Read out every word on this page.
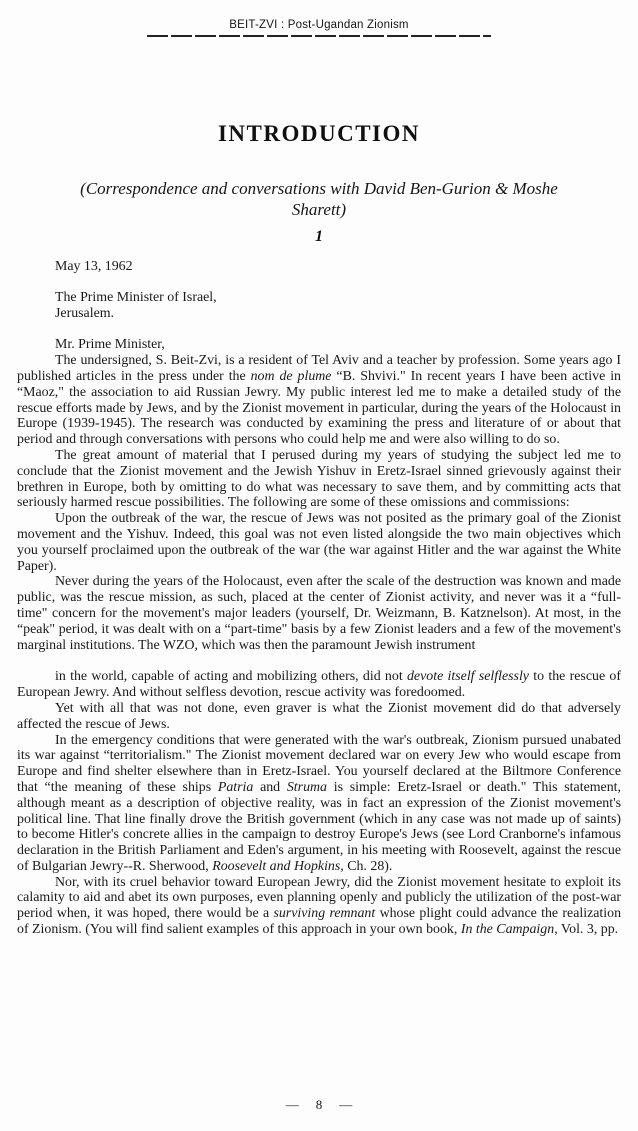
BEIT-ZVI : Post-Ugandan Zionism
INTRODUCTION
(Correspondence and conversations with David Ben-Gurion & Moshe Sharett)
1
May 13, 1962
The Prime Minister of Israel,
Jerusalem.
Mr. Prime Minister,

The undersigned, S. Beit-Zvi, is a resident of Tel Aviv and a teacher by profession. Some years ago I published articles in the press under the nom de plume “B. Shvivi." In recent years I have been active in “Maoz," the association to aid Russian Jewry. My public interest led me to make a detailed study of the rescue efforts made by Jews, and by the Zionist movement in particular, during the years of the Holocaust in Europe (1939-1945). The research was conducted by examining the press and literature of or about that period and through conversations with persons who could help me and were also willing to do so.

The great amount of material that I perused during my years of studying the subject led me to conclude that the Zionist movement and the Jewish Yishuv in Eretz-Israel sinned grievously against their brethren in Europe, both by omitting to do what was necessary to save them, and by committing acts that seriously harmed rescue possibilities. The following are some of these omissions and commissions:

Upon the outbreak of the war, the rescue of Jews was not posited as the primary goal of the Zionist movement and the Yishuv. Indeed, this goal was not even listed alongside the two main objectives which you yourself proclaimed upon the outbreak of the war (the war against Hitler and the war against the White Paper).

Never during the years of the Holocaust, even after the scale of the destruction was known and made public, was the rescue mission, as such, placed at the center of Zionist activity, and never was it a “full-time" concern for the movement's major leaders (yourself, Dr. Weizmann, B. Katznelson). At most, in the “peak" period, it was dealt with on a “part-time" basis by a few Zionist leaders and a few of the movement's marginal institutions. The WZO, which was then the paramount Jewish instrument

in the world, capable of acting and mobilizing others, did not devote itself selflessly to the rescue of European Jewry. And without selfless devotion, rescue activity was foredoomed.

Yet with all that was not done, even graver is what the Zionist movement did do that adversely affected the rescue of Jews.

In the emergency conditions that were generated with the war's outbreak, Zionism pursued unabated its war against “territorialism." The Zionist movement declared war on every Jew who would escape from Europe and find shelter elsewhere than in Eretz-Israel. You yourself declared at the Biltmore Conference that “the meaning of these ships Patria and Struma is simple: Eretz-Israel or death." This statement, although meant as a description of objective reality, was in fact an expression of the Zionist movement's political line. That line finally drove the British government (which in any case was not made up of saints) to become Hitler's concrete allies in the campaign to destroy Europe's Jews (see Lord Cranborne's infamous declaration in the British Parliament and Eden's argument, in his meeting with Roosevelt, against the rescue of Bulgarian Jewry--R. Sherwood, Roosevelt and Hopkins, Ch. 28).

Nor, with its cruel behavior toward European Jewry, did the Zionist movement hesitate to exploit its calamity to aid and abet its own purposes, even planning openly and publicly the utilization of the post-war period when, it was hoped, there would be a surviving remnant whose plight could advance the realization of Zionism. (You will find salient examples of this approach in your own book, In the Campaign, Vol. 3, pp.

— 8 —
